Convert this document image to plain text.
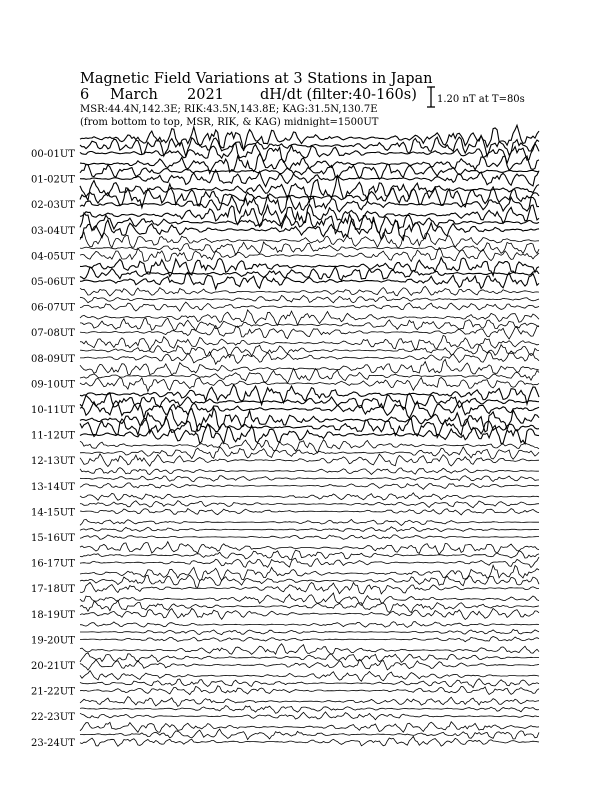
Magnetic Field Variations at 3 Stations in Japan
6 March 2021 dH/dt (filter:40-160s)
MSR:44.4N,142.3E; RIK:43.5N,143.8E; KAG:31.5N,130.7E
(from bottom to top, MSR, RIK, & KAG) midnight=1500UT
1.20 nT at T=80s
00-01UT
01-02UT
02-03UT
03-04UT
04-05UT
05-06UT
06-07UT
07-08UT
08-09UT
09-10UT
10-11UT
11-12UT
12-13UT
13-14UT
14-15UT
15-16UT
16-17UT
17-18UT
18-19UT
19-20UT
20-21UT
21-22UT
22-23UT
23-24UT
